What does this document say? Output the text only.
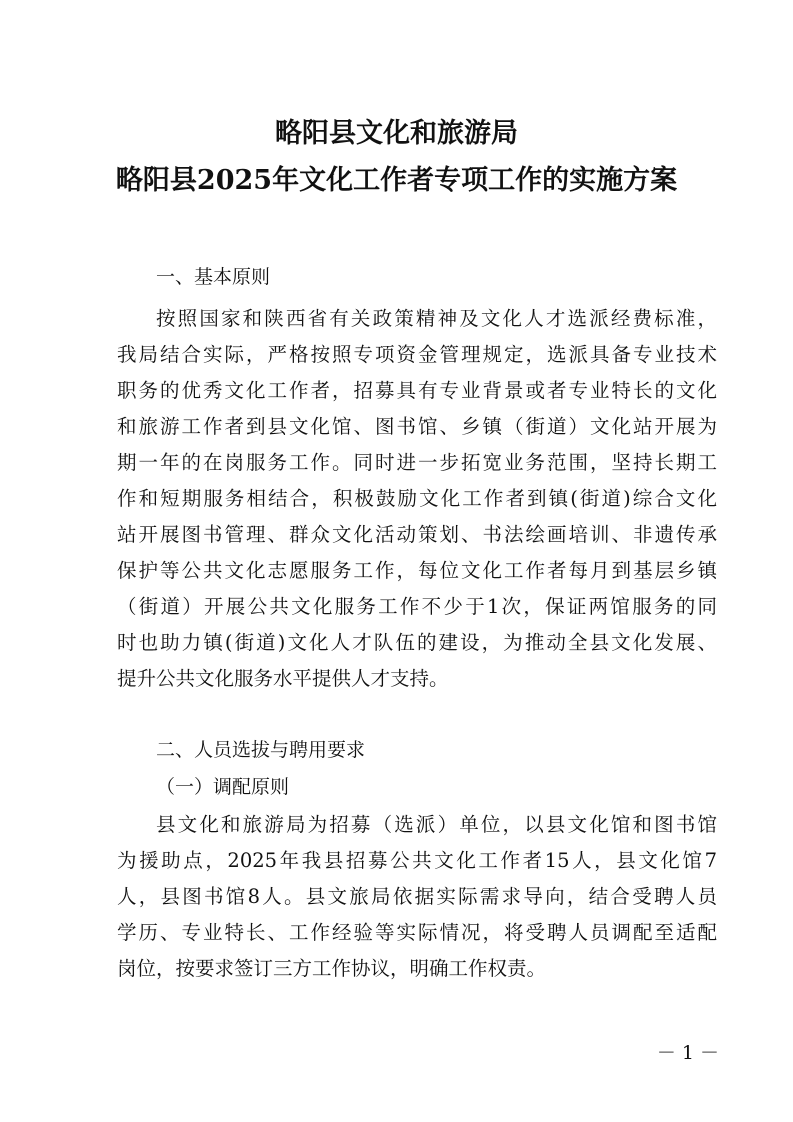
略阳县文化和旅游局
略阳县2025年文化工作者专项工作的实施方案

一、基本原则

按照国家和陕西省有关政策精神及文化人才选派经费标准，

我局结合实际，严格按照专项资金管理规定，选派具备专业技术

职务的优秀文化工作者，招募具有专业背景或者专业特长的文化

和旅游工作者到县文化馆、图书馆、乡镇（街道）文化站开展为

期一年的在岗服务工作。同时进一步拓宽业务范围，坚持长期工

作和短期服务相结合，积极鼓励文化工作者到镇(街道)综合文化

站开展图书管理、群众文化活动策划、书法绘画培训、非遗传承

保护等公共文化志愿服务工作，每位文化工作者每月到基层乡镇

（街道）开展公共文化服务工作不少于1次，保证两馆服务的同

时也助力镇(街道)文化人才队伍的建设，为推动全县文化发展、

提升公共文化服务水平提供人才支持。

二、人员选拔与聘用要求

（一）调配原则

县文化和旅游局为招募（选派）单位，以县文化馆和图书馆

为援助点，2025年我县招募公共文化工作者15人，县文化馆7

人，县图书馆8人。县文旅局依据实际需求导向，结合受聘人员

学历、专业特长、工作经验等实际情况，将受聘人员调配至适配

岗位，按要求签订三方工作协议，明确工作权责。

－ 1 －
